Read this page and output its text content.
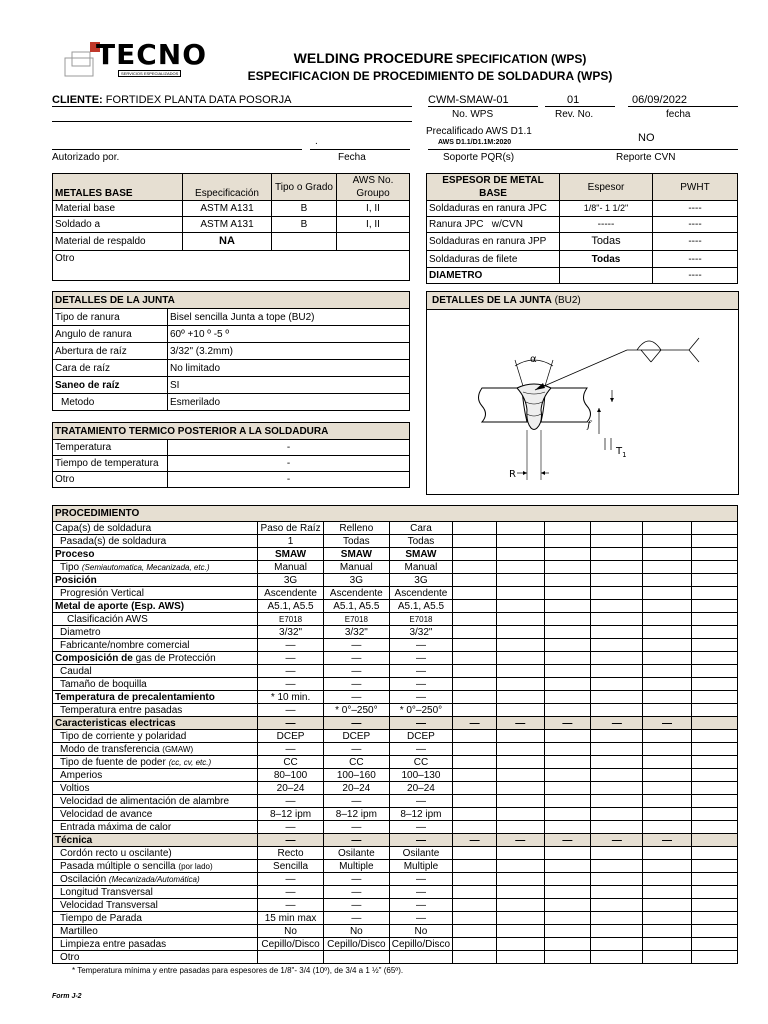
TECNO
SERVICIOS ESPECIALIZADOS
WELDING PROCEDURE SPECIFICATION (WPS)
ESPECIFICACION DE PROCEDIMIENTO DE SOLDADURA (WPS)
CLIENTE: FORTIDEX PLANTA DATA POSORJA	CWM-SMAW-01
No. WPS
01
Rev. No.
06/09/2022
fecha
.
Autorizado por.	Fecha
Precalificado AWS D1.1
AWS D1.1/D1.1M:2020	NO
Soporte PQR(s)	Reporte CVN
METALES BASE	Especificación	Tipo o Grado	AWS No. Groupo
Material base	ASTM A131	B	I, II
Soldado a	ASTM A131	B	I, II
Material de respaldo	NA		
Otro			

ESPESOR DE METAL BASE	Espesor	PWHT
Soldaduras en ranura JPC	1/8"- 1 1/2"	----
Ranura JPC   w/CVN	-----	----
Soldaduras en ranura JPP	Todas	----
Soldaduras de filete	Todas	----
DIAMETRO		----
DETALLES DE LA JUNTA	
Tipo de ranura	Bisel sencilla Junta a tope (BU2)
Angulo de ranura	60º +10 º -5 º
Abertura de raíz	3/32" (3.2mm)
Cara de raíz	No limitado
Saneo de raíz	SI
Metodo	Esmerilado
TRATAMIENTO TERMICO POSTERIOR A LA SOLDADURA	
Temperatura	-
Tiempo de temperatura	-
Otro	-
DETALLES DE LA JUNTA (BU2)
α
f
$T_1$
R
PROCEDIMIENTO									
Capa(s) de soldadura	Paso de Raíz	Relleno	Cara						
Pasada(s) de soldadura	1	Todas	Todas						
Proceso	SMAW	SMAW	SMAW						
Tipo (Semiautomatica, Mecanizada, etc.)	Manual	Manual	Manual						
Posición	3G	3G	3G						
Progresión Vertical	Ascendente	Ascendente	Ascendente						
Metal de aporte (Esp. AWS)	A5.1, A5.5	A5.1, A5.5	A5.1, A5.5						
Clasificación AWS	E7018	E7018	E7018						
Diametro	3/32"	3/32"	3/32"						
Fabricante/nombre comercial	—	—	—						
Composición de gas de Protección	—	—	—						
Caudal	—	—	—						
Tamaño de boquilla	—	—	—						
Temperatura de precalentamiento	* 10 min.	—	—						
Temperatura entre pasadas	—	* 0°–250°	* 0°–250°						
Caracteristicas electricas	—	—	—	—	—	—	—	—	
Tipo de corriente y polaridad	DCEP	DCEP	DCEP						
Modo de transferencia (GMAW)	—	—	—						
Tipo de fuente de poder (cc, cv, etc.)	CC	CC	CC						
Amperios	80–100	100–160	100–130						
Voltios	20–24	20–24	20–24						
Velocidad de alimentación de alambre	—	—	—						
Velocidad de avance	8–12 ipm	8–12 ipm	8–12 ipm						
Entrada máxima de calor	—	—	—						
Técnica	—	—	—	—	—	—	—	—	
Cordón recto u oscilante)	Recto	Osilante	Osilante						
Pasada múltiple o sencilla (por lado)	Sencilla	Multiple	Multiple						
Oscilación (Mecanizada/Automática)	—	—	—						
Longitud Transversal	—	—	—						
Velocidad Transversal	—	—	—						
Tiempo de Parada	15 min max	—	—						
Martilleo	No	No	No						
Limpieza entre pasadas	Cepillo/Disco	Cepillo/Disco	Cepillo/Disco						
Otro									
* Temperatura mínima y entre pasadas para espesores de 1/8"- 3/4 (10º), de 3/4 a 1 ½" (65º).
Form J-2
